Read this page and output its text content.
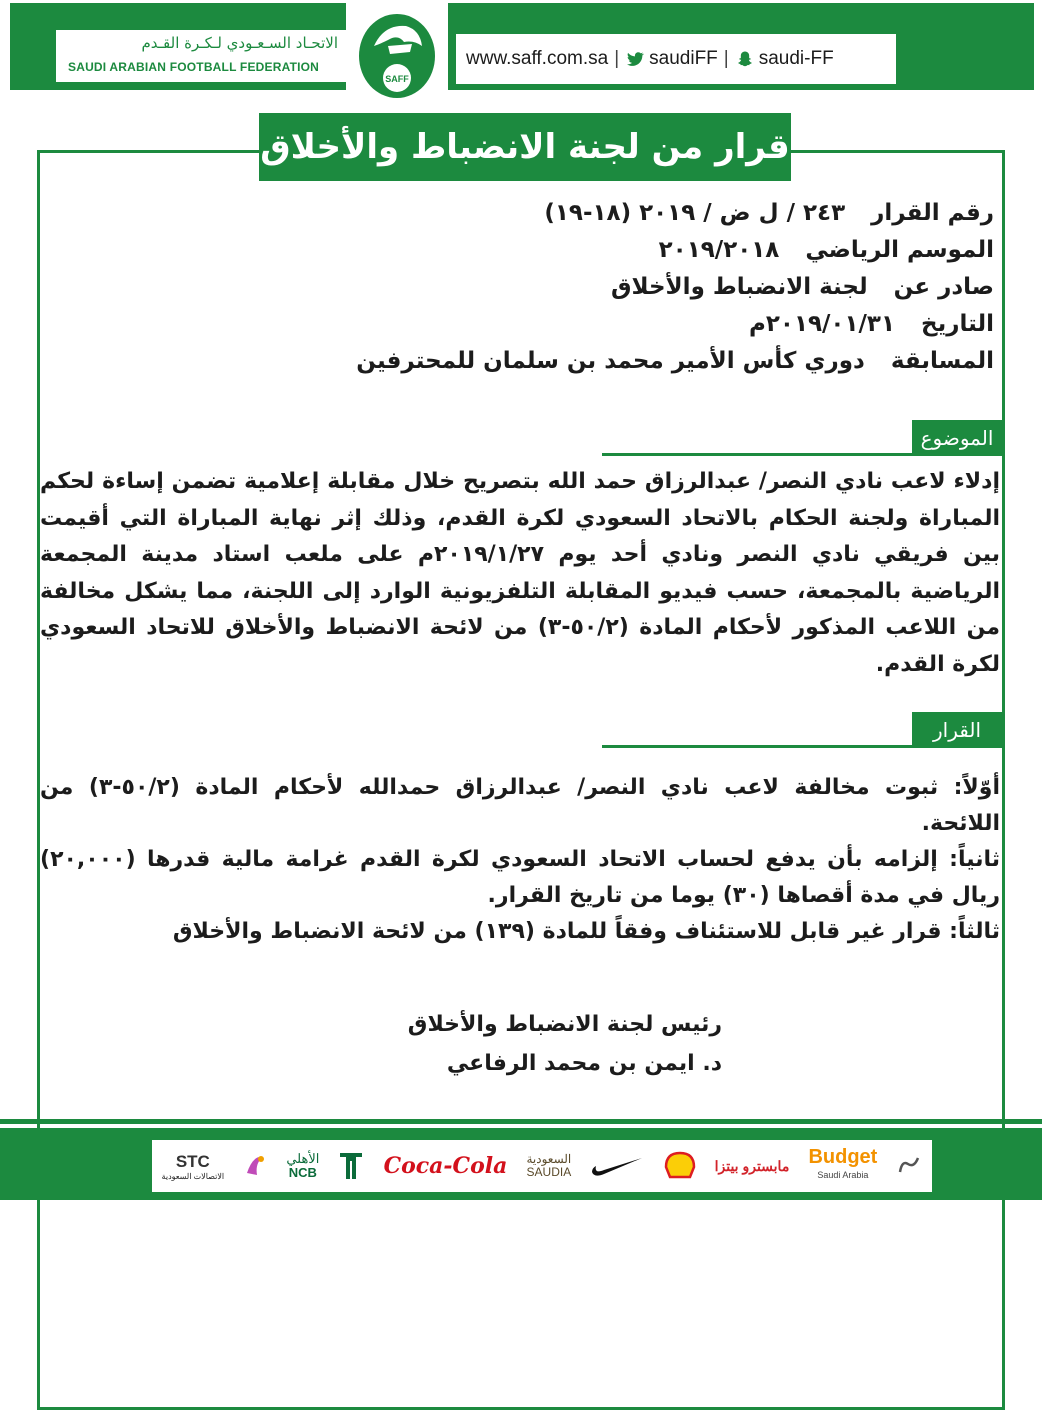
الاتحـاد السـعـودي لـكـرة القـدم
SAUDI ARABIAN FOOTBALL FEDERATION
SAFF
www.saff.com.sa | saudiFF | saudi-FF
قرار من لجنة الانضباط والأخلاق
رقم القرار ٢٤٣ / ل ض / ٢٠١٩ (١٨-١٩)
الموسم الرياضي ٢٠١٩/٢٠١٨
صادر عن لجنة الانضباط والأخلاق
التاريخ ٢٠١٩/٠١/٣١م
المسابقة دوري كأس الأمير محمد بن سلمان للمحترفين
الموضوع

إدلاء لاعب نادي النصر/ عبدالرزاق حمد الله بتصريح خلال مقابلة إعلامية تضمن إساءة لحكم المباراة ولجنة الحكام بالاتحاد السعودي لكرة القدم، وذلك إثر نهاية المباراة التي أقيمت بين فريقي نادي النصر ونادي أحد يوم ٢٠١٩/١/٢٧م على ملعب استاد مدينة المجمعة الرياضية بالمجمعة، حسب فيديو المقابلة التلفزيونية الوارد إلى اللجنة، مما يشكل مخالفة من اللاعب المذكور لأحكام المادة (٥٠/٢-٣) من لائحة الانضباط والأخلاق للاتحاد السعودي لكرة القدم.

القرار

أوّلاً: ثبوت مخالفة لاعب نادي النصر/ عبدالرزاق حمدالله لأحكام المادة (٥٠/٢-٣) من اللائحة.

ثانياً: إلزامه بأن يدفع لحساب الاتحاد السعودي لكرة القدم غرامة مالية قدرها (٢٠,٠٠٠) ريال في مدة أقصاها (٣٠) يوما من تاريخ القرار.

ثالثاً: قرار غير قابل للاستئناف وفقاً للمادة (١٣٩) من لائحة الانضباط والأخلاق

رئيس لجنة الانضباط والأخلاق
د. ايمن بن محمد الرفاعي
STC
الاتصالات السعودية
الأهلي
NCB	Coca-Cola السعودية
SAUDIA	مابسترو بيتزا Budget
Saudi Arabia
